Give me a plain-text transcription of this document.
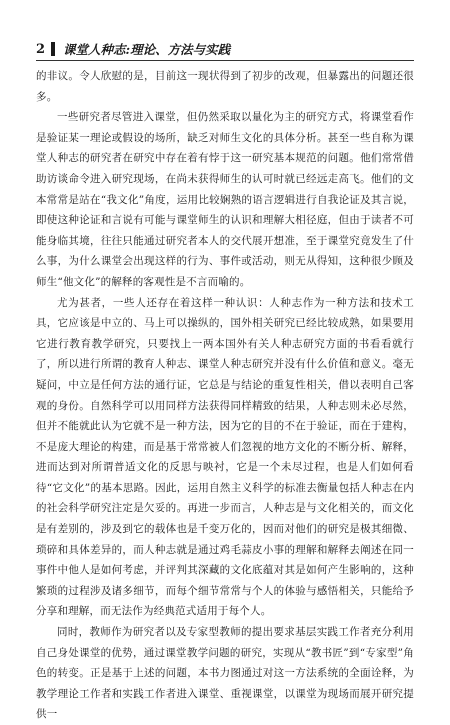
2 课堂人种志:理论、方法与实践

的非议。令人欣慰的是，目前这一现状得到了初步的改观，但暴露出的问题还很多。

一些研究者尽管进入课堂，但仍然采取以量化为主的研究方式，将课堂看作是验证某一理论或假设的场所，缺乏对师生文化的具体分析。甚至一些自称为课堂人种志的研究者在研究中存在着有悖于这一研究基本规范的问题。他们常常借助访谈命令进入研究现场，在尚未获得师生的认可时就已经远走高飞。他们的文本常常是站在“我文化”角度，运用比较娴熟的语言逻辑进行自我论证及其言说，即使这种论证和言说有可能与课堂师生的认识和理解大相径庭，但由于读者不可能身临其境，往往只能通过研究者本人的交代展开想准，至于课堂究竟发生了什么事，为什么课堂会出现这样的行为、事件或活动，则无从得知，这种很少顾及师生“他文化”的解释的客观性是不言而喻的。

尤为甚者，一些人还存在着这样一种认识：人种志作为一种方法和技术工具，它应该是中立的、马上可以操纵的，国外相关研究已经比较成熟，如果要用它进行教育教学研究，只要找上一两本国外有关人种志研究方面的书看看就行了，所以进行所谓的教育人种志、课堂人种志研究并没有什么价值和意义。毫无疑问，中立是任何方法的通行证，它总是与结论的重复性相关，借以表明自己客观的身份。自然科学可以用同样方法获得同样精致的结果，人种志则未必尽然，但并不能就此认为它就不是一种方法，因为它的目的不在于验证，而在于建构，不是庞大理论的构建，而是基于常常被人们忽视的地方文化的不断分析、解释，进而达到对所谓普适文化的反思与映衬，它是一个未尽过程，也是人们如何看待“它文化”的基本思路。因此，运用自然主义科学的标准去衡量包括人种志在内的社会科学研究注定是欠妥的。再进一步而言，人种志是与文化相关的，而文化是有差别的，涉及到它的载体也是千变万化的，因而对他们的研究是极其细微、琐碎和具体差异的，而人种志就是通过鸡毛蒜皮小事的理解和解释去阐述在同一事件中他人是如何考虑，并评判其深藏的文化底蕴对其是如何产生影响的，这种繁琐的过程涉及诸多细节，而每个细节常常与个人的体验与感悟相关，只能给予分享和理解，而无法作为经典范式适用于每个人。

同时，教师作为研究者以及专家型教师的提出要求基层实践工作者充分利用自己身处课堂的优势，通过课堂教学问题的研究，实现从“教书匠”到“专家型”角色的转变。正是基于上述的问题，本书力图通过对这一方法系统的全面诠释，为教学理论工作者和实践工作者进入课堂、重视课堂，以课堂为现场而展开研究提供一
